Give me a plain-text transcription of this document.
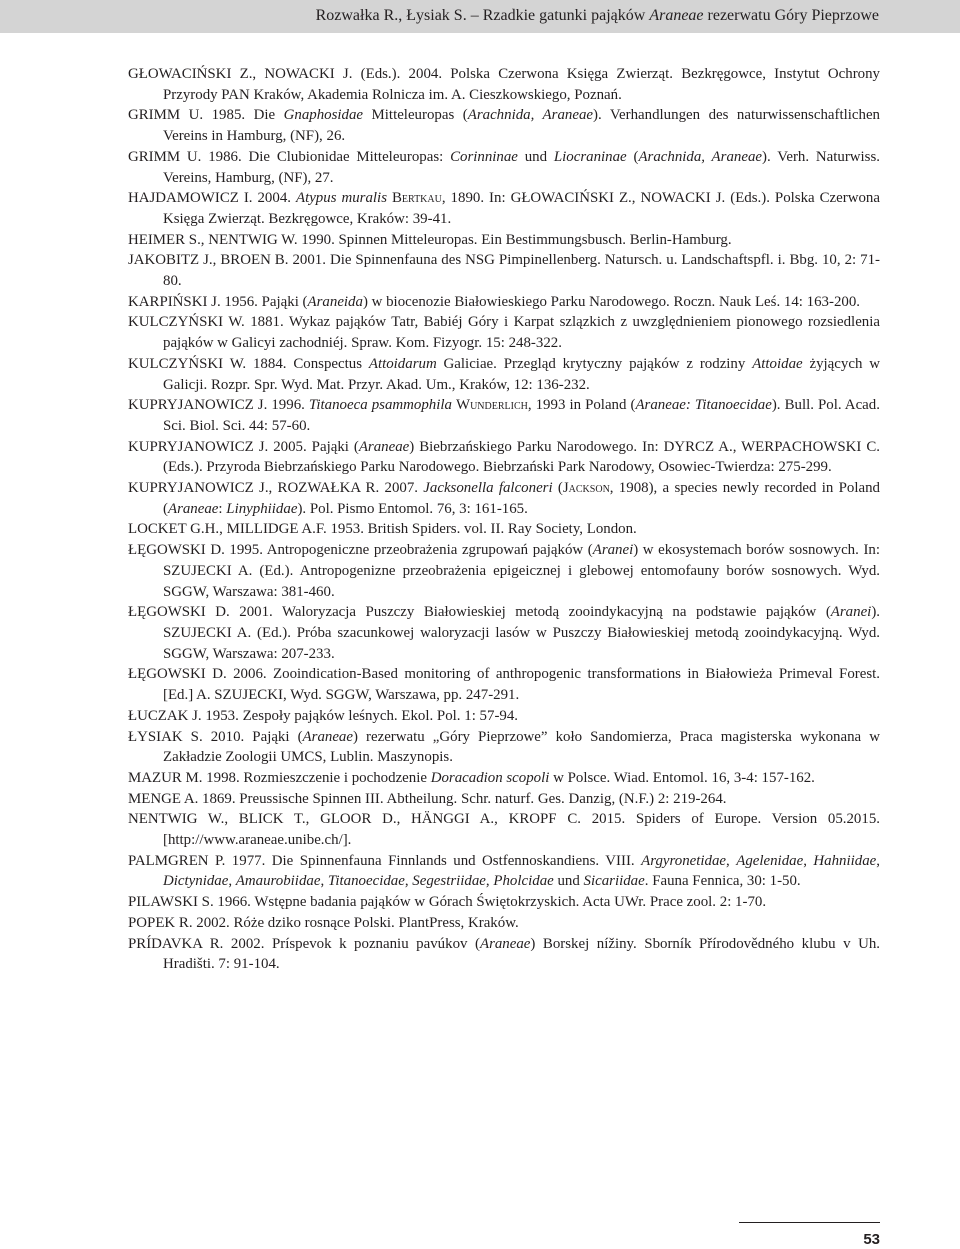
Rozwałka R., Łysiak S. – Rzadkie gatunki pająków Araneae rezerwatu Góry Pieprzowe

GŁOWACIŃSKI Z., NOWACKI J. (Eds.). 2004. Polska Czerwona Księga Zwierząt. Bezkręgowce, Instytut Ochrony Przyrody PAN Kraków, Akademia Rolnicza im. A. Cieszkowskiego, Poznań.

GRIMM U. 1985. Die Gnaphosidae Mitteleuropas (Arachnida, Araneae). Verhandlungen des naturwissenschaftlichen Vereins in Hamburg, (NF), 26.

GRIMM U. 1986. Die Clubionidae Mitteleuropas: Corinninae und Liocraninae (Arachnida, Araneae). Verh. Naturwiss. Vereins, Hamburg, (NF), 27.

HAJDAMOWICZ I. 2004. Atypus muralis Bertkau, 1890. In: GŁOWACIŃSKI Z., NOWACKI J. (Eds.). Polska Czerwona Księga Zwierząt. Bezkręgowce, Kraków: 39-41.

HEIMER S., NENTWIG W. 1990. Spinnen Mitteleuropas. Ein Bestimmungsbusch. Berlin-Hamburg.

JAKOBITZ J., BROEN B. 2001. Die Spinnenfauna des NSG Pimpinellenberg. Natursch. u. Landschaftspfl. i. Bbg. 10, 2: 71-80.

KARPIŃSKI J. 1956. Pająki (Araneida) w biocenozie Białowieskiego Parku Narodowego. Roczn. Nauk Leś. 14: 163-200.

KULCZYŃSKI W. 1881. Wykaz pająków Tatr, Babiéj Góry i Karpat szlązkich z uwzględnieniem pionowego rozsiedlenia pająków w Galicyi zachodniéj. Spraw. Kom. Fizyogr. 15: 248-322.

KULCZYŃSKI W. 1884. Conspectus Attoidarum Galiciae. Przegląd krytyczny pająków z rodziny Attoidae żyjących w Galicji. Rozpr. Spr. Wyd. Mat. Przyr. Akad. Um., Kraków, 12: 136-232.

KUPRYJANOWICZ J. 1996. Titanoeca psammophila Wunderlich, 1993 in Poland (Araneae: Titanoecidae). Bull. Pol. Acad. Sci. Biol. Sci. 44: 57-60.

KUPRYJANOWICZ J. 2005. Pająki (Araneae) Biebrzańskiego Parku Narodowego. In: DYRCZ A., WERPACHOWSKI C. (Eds.). Przyroda Biebrzańskiego Parku Narodowego. Biebrzański Park Narodowy, Osowiec-Twierdza: 275-299.

KUPRYJANOWICZ J., ROZWAŁKA R. 2007. Jacksonella falconeri (Jackson, 1908), a species newly recorded in Poland (Araneae: Linyphiidae). Pol. Pismo Entomol. 76, 3: 161-165.

LOCKET G.H., MILLIDGE A.F. 1953. British Spiders. vol. II. Ray Society, London.

ŁĘGOWSKI D. 1995. Antropogeniczne przeobrażenia zgrupowań pająków (Aranei) w ekosystemach borów sosnowych. In: SZUJECKI A. (Ed.). Antropogenizne przeobrażenia epigeicznej i glebowej entomofauny borów sosnowych. Wyd. SGGW, Warszawa: 381-460.

ŁĘGOWSKI D. 2001. Waloryzacja Puszczy Białowieskiej metodą zooindykacyjną na podstawie pająków (Aranei). SZUJECKI A. (Ed.). Próba szacunkowej waloryzacji lasów w Puszczy Białowieskiej metodą zooindykacyjną. Wyd. SGGW, Warszawa: 207-233.

ŁĘGOWSKI D. 2006. Zooindication-Based monitoring of anthropogenic transformations in Białowieża Primeval Forest. [Ed.] A. SZUJECKI, Wyd. SGGW, Warszawa, pp. 247-291.

ŁUCZAK J. 1953. Zespoły pająków leśnych. Ekol. Pol. 1: 57-94.

ŁYSIAK S. 2010. Pająki (Araneae) rezerwatu „Góry Pieprzowe” koło Sandomierza, Praca magisterska wykonana w Zakładzie Zoologii UMCS, Lublin. Maszynopis.

MAZUR M. 1998. Rozmieszczenie i pochodzenie Doracadion scopoli w Polsce. Wiad. Entomol. 16, 3-4: 157-162.

MENGE A. 1869. Preussische Spinnen III. Abtheilung. Schr. naturf. Ges. Danzig, (N.F.) 2: 219-264.

NENTWIG W., BLICK T., GLOOR D., HÄNGGI A., KROPF C. 2015. Spiders of Europe. Version 05.2015. [http://www.araneae.unibe.ch/].

PALMGREN P. 1977. Die Spinnenfauna Finnlands und Ostfennoskandiens. VIII. Argyronetidae, Agelenidae, Hahniidae, Dictynidae, Amaurobiidae, Titanoecidae, Segestriidae, Pholcidae und Sicariidae. Fauna Fennica, 30: 1-50.

PILAWSKI S. 1966. Wstępne badania pająków w Górach Świętokrzyskich. Acta UWr. Prace zool. 2: 1-70.

POPEK R. 2002. Róże dziko rosnące Polski. PlantPress, Kraków.

PRÍDAVKA R. 2002. Príspevok k poznaniu pavúkov (Araneae) Borskej nížiny. Sborník Přírodovědného klubu v Uh. Hradišti. 7: 91-104.

53
